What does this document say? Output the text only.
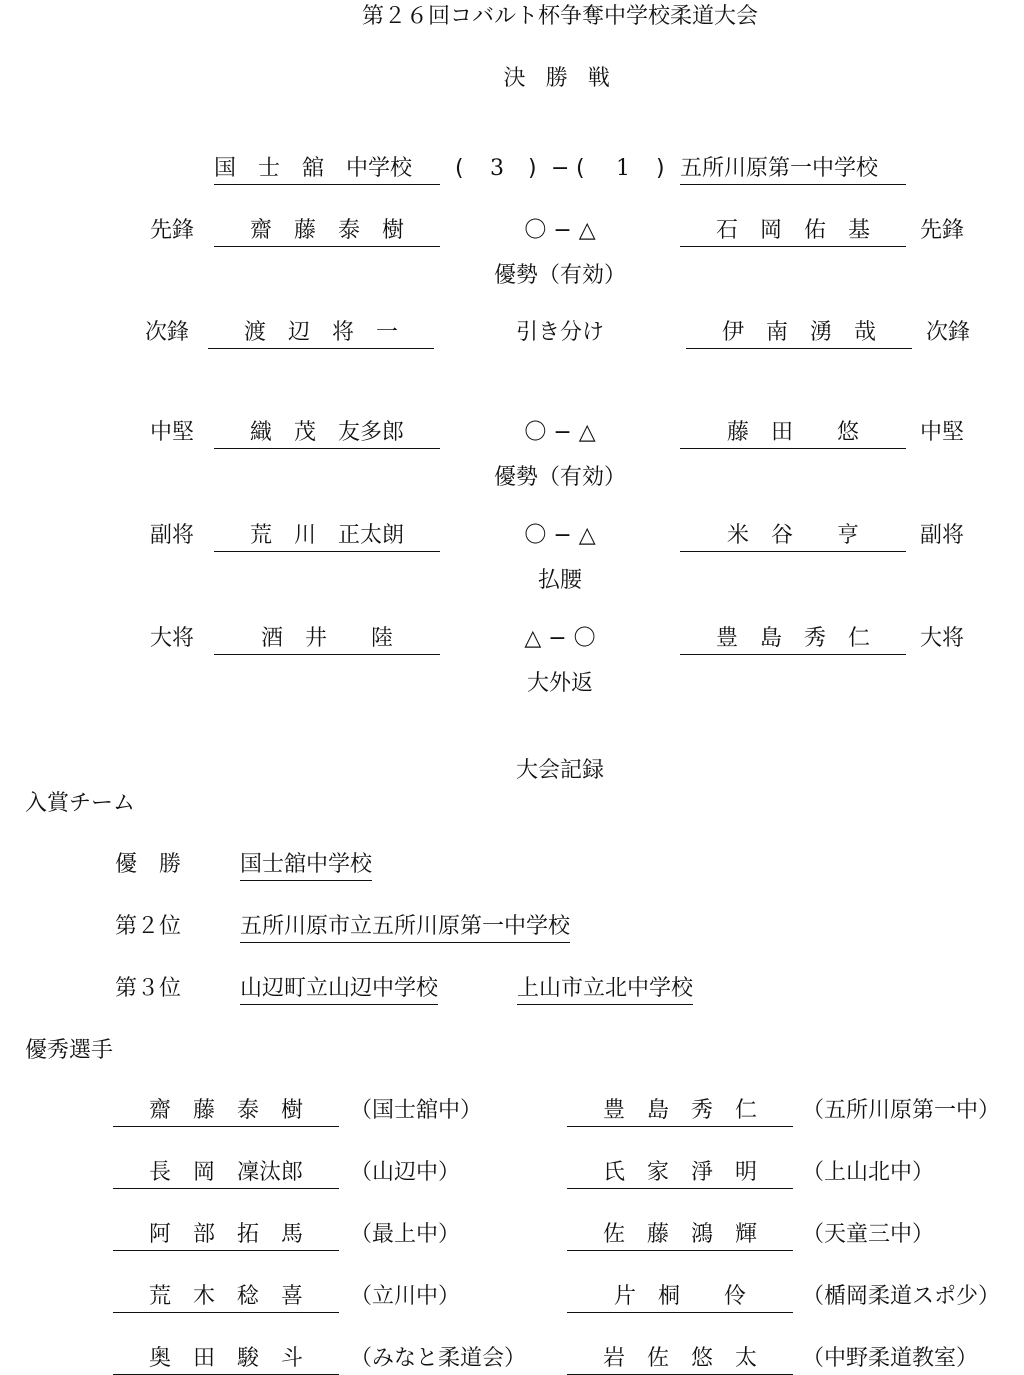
第２６回コバルト杯争奪中学校柔道大会
決 勝 戦
国　士　舘　中学校	( 3 ) − ( 1 ) 五所川原第一中学校
先鋒	齋　藤　泰　樹	〇 − △	石　岡　佑　基	先鋒
優勢（有効）
次鋒	渡　辺　将　一	引き分け	伊　南　湧　哉	次鋒
中堅	織　茂　友多郎	〇 − △	藤　田　　悠	中堅
優勢（有効）
副将	荒　川　正太朗	〇 − △	米　谷　　亨	副将
払腰
大将	酒　井　　陸	△ − 〇	豊　島　秀　仁	大将
大外返
大会記録
入賞チーム
優　勝	国士舘中学校
第２位	五所川原市立五所川原第一中学校
第３位	山辺町立山辺中学校	上山市立北中学校
優秀選手
齋　藤　泰　樹	（国士舘中）	豊　島　秀　仁	（五所川原第一中）
長　岡　凜汰郎	（山辺中）	氏　家　淨　明	（上山北中）
阿　部　拓　馬	（最上中）	佐　藤　鴻　輝	（天童三中）
荒　木　稔　喜	（立川中）	片　桐　　伶	（楯岡柔道スポ少）
奥　田　駿　斗	（みなと柔道会）	岩　佐　悠　太	（中野柔道教室）
